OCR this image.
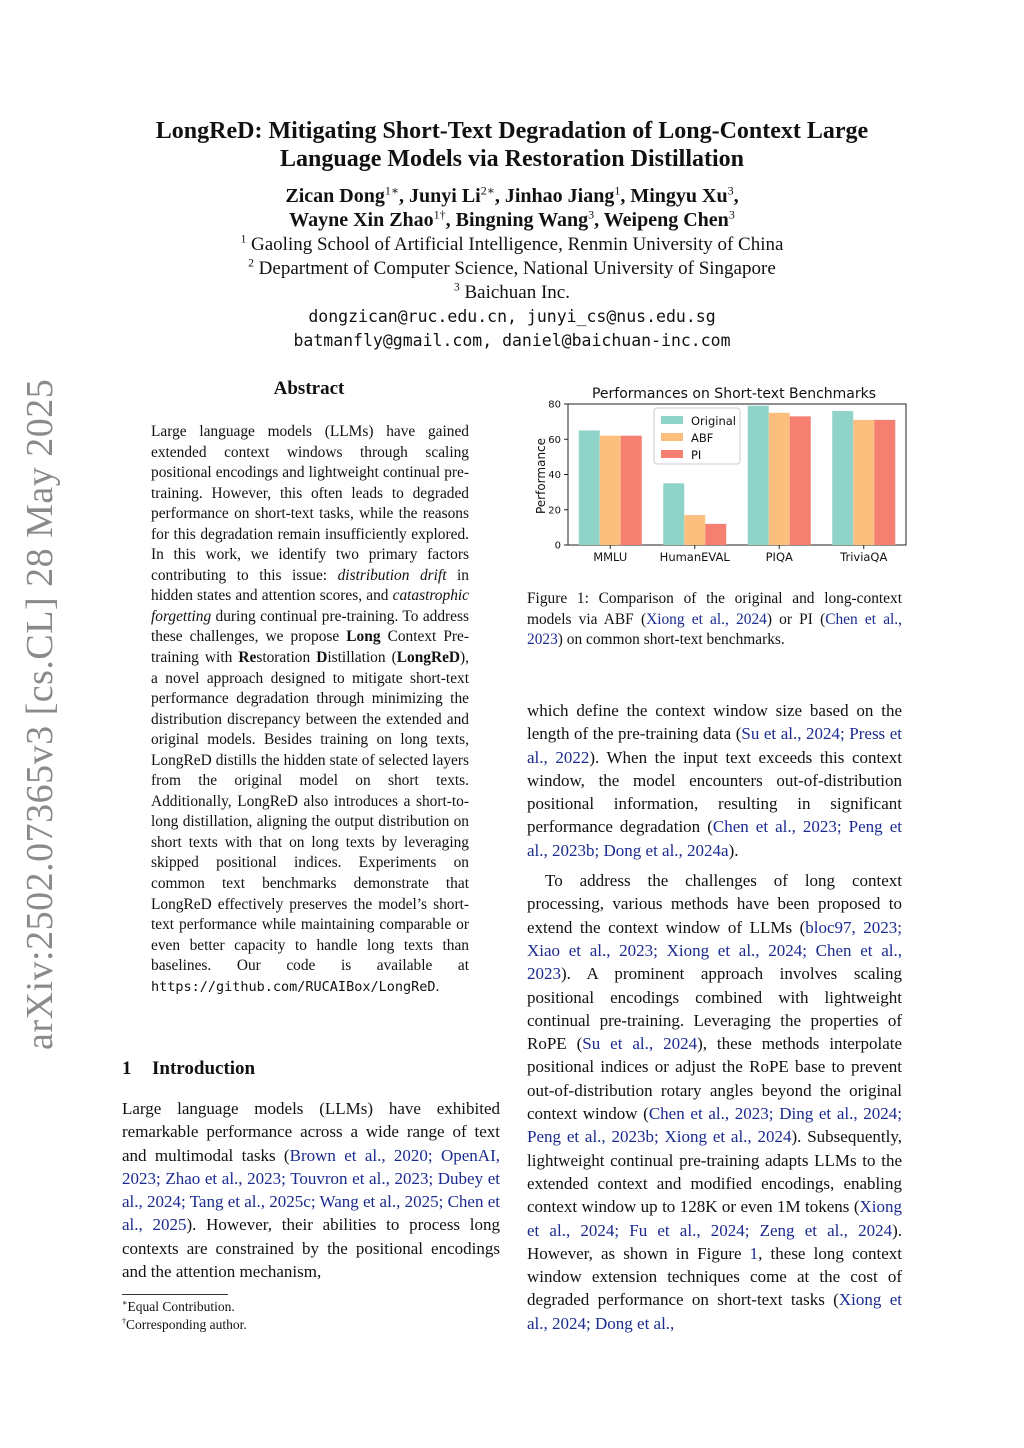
arXiv:2502.07365v3 [cs.CL] 28 May 2025
LongReD: Mitigating Short-Text Degradation of Long-Context Large
Language Models via Restoration Distillation
Zican Dong$^{1∗}$, Junyi $Li^{2∗}$, Jinhao Jiang$^1$, Mingyu Xu$^3$,
Wayne Xin Zhao$^{1\dagger}$, Bingning Wang$^3$, Weipeng Chen$^3$
$^1$ Gaoling School of Artificial Intelligence, Renmin University of China
$^2$ Department of Computer Science, National University of Singapore
$^3$ Baichuan Inc.
dongzican@ruc.edu.cn, junyi_cs@nus.edu.sg
batmanfly@gmail.com, daniel@baichuan-inc.com
Abstract
Large language models (LLMs) have gained extended context windows through scaling positional encodings and lightweight continual pre-training. However, this often leads to degraded performance on short-text tasks, while the reasons for this degradation remain insufficiently explored. In this work, we identify two primary factors contributing to this issue: distribution drift in hidden states and attention scores, and catastrophic forgetting during continual pre-training. To address these challenges, we propose Long Context Pre-training with Restoration Distillation (LongReD), a novel approach designed to mitigate short-text performance degradation through minimizing the distribution discrepancy between the extended and original models. Besides training on long texts, LongReD distills the hidden state of selected layers from the original model on short texts. Additionally, LongReD also introduces a short-to-long distillation, aligning the output distribution on short texts with that on long texts by leveraging skipped positional indices. Experiments on common text benchmarks demonstrate that LongReD effectively preserves the model’s short-text performance while maintaining comparable or even better capacity to handle long texts than baselines. Our code is available at https://github.com/RUCAIBox/LongReD.
1 Introduction
Large language models (LLMs) have exhibited remarkable performance across a wide range of text and multimodal tasks (Brown et al., 2020; OpenAI, 2023; Zhao et al., 2023; Touvron et al., 2023; Dubey et al., 2024; Tang et al., 2025c; Wang et al., 2025; Chen et al., 2025). However, their abilities to process long contexts are constrained by the positional encodings and the attention mechanism,
∗Equal Contribution.
†Corresponding author.
Performances on Short-text Benchmarks
Performance
0
20
40
60
80
MMLU	HumanEVAL	PIQA	TriviaQA
Original
ABF
PI
Figure 1: Comparison of the original and long-context models via ABF (Xiong et al., 2024) or PI (Chen et al., 2023) on common short-text benchmarks.

which define the context window size based on the length of the pre-training data (Su et al., 2024; Press et al., 2022). When the input text exceeds this context window, the model encounters out-of-distribution positional information, resulting in significant performance degradation (Chen et al., 2023; Peng et al., 2023b; Dong et al., 2024a).

To address the challenges of long context processing, various methods have been proposed to extend the context window of LLMs (bloc97, 2023; Xiao et al., 2023; Xiong et al., 2024; Chen et al., 2023). A prominent approach involves scaling positional encodings combined with lightweight continual pre-training. Leveraging the properties of RoPE (Su et al., 2024), these methods interpolate positional indices or adjust the RoPE base to prevent out-of-distribution rotary angles beyond the original context window (Chen et al., 2023; Ding et al., 2024; Peng et al., 2023b; Xiong et al., 2024). Subsequently, lightweight continual pre-training adapts LLMs to the extended context and modified encodings, enabling context window up to 128K or even 1M tokens (Xiong et al., 2024; Fu et al., 2024; Zeng et al., 2024). However, as shown in Figure 1, these long context window extension techniques come at the cost of degraded performance on short-text tasks (Xiong et al., 2024; Dong et al.,
